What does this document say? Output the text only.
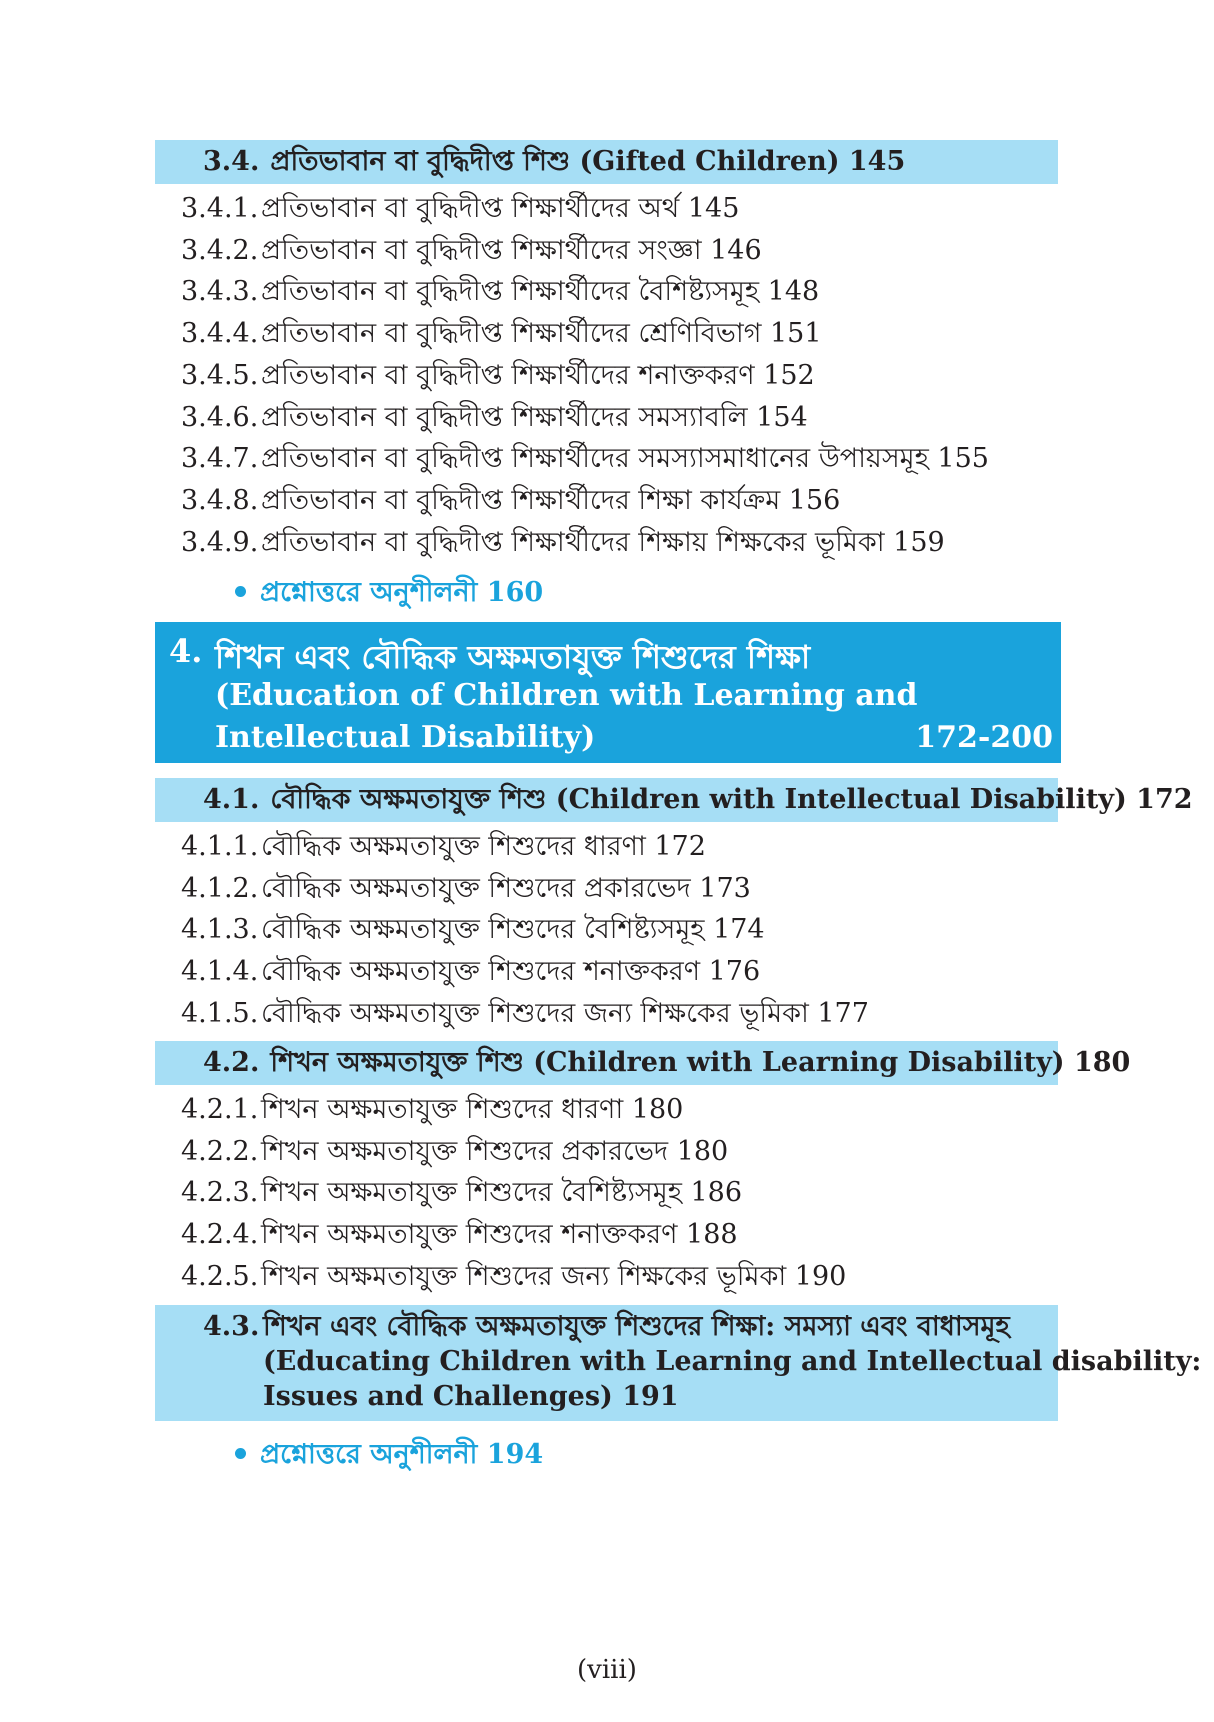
3.4. প্রতিভাবান বা বুদ্ধিদীপ্ত শিশু (Gifted Children) 145
3.4.1. প্রতিভাবান বা বুদ্ধিদীপ্ত শিক্ষার্থীদের অর্থ 145
3.4.2. প্রতিভাবান বা বুদ্ধিদীপ্ত শিক্ষার্থীদের সংজ্ঞা 146
3.4.3. প্রতিভাবান বা বুদ্ধিদীপ্ত শিক্ষার্থীদের বৈশিষ্ট্যসমূহ 148
3.4.4. প্রতিভাবান বা বুদ্ধিদীপ্ত শিক্ষার্থীদের শ্রেণিবিভাগ 151
3.4.5. প্রতিভাবান বা বুদ্ধিদীপ্ত শিক্ষার্থীদের শনাক্তকরণ 152
3.4.6. প্রতিভাবান বা বুদ্ধিদীপ্ত শিক্ষার্থীদের সমস্যাবলি 154
3.4.7. প্রতিভাবান বা বুদ্ধিদীপ্ত শিক্ষার্থীদের সমস্যাসমাধানের উপায়সমূহ 155
3.4.8. প্রতিভাবান বা বুদ্ধিদীপ্ত শিক্ষার্থীদের শিক্ষা কার্যক্রম 156
3.4.9. প্রতিভাবান বা বুদ্ধিদীপ্ত শিক্ষার্থীদের শিক্ষায় শিক্ষকের ভূমিকা 159
প্রশ্নোত্তরে অনুশীলনী 160
4. শিখন এবং বৌদ্ধিক অক্ষমতাযুক্ত শিশুদের শিক্ষা
(Education of Children with Learning and
Intellectual Disability)	172-200
4.1. বৌদ্ধিক অক্ষমতাযুক্ত শিশু (Children with Intellectual Disability) 172
4.1.1. বৌদ্ধিক অক্ষমতাযুক্ত শিশুদের ধারণা 172
4.1.2. বৌদ্ধিক অক্ষমতাযুক্ত শিশুদের প্রকারভেদ 173
4.1.3. বৌদ্ধিক অক্ষমতাযুক্ত শিশুদের বৈশিষ্ট্যসমূহ 174
4.1.4. বৌদ্ধিক অক্ষমতাযুক্ত শিশুদের শনাক্তকরণ 176
4.1.5. বৌদ্ধিক অক্ষমতাযুক্ত শিশুদের জন্য শিক্ষকের ভূমিকা 177
4.2. শিখন অক্ষমতাযুক্ত শিশু (Children with Learning Disability) 180
4.2.1. শিখন অক্ষমতাযুক্ত শিশুদের ধারণা 180
4.2.2. শিখন অক্ষমতাযুক্ত শিশুদের প্রকারভেদ 180
4.2.3. শিখন অক্ষমতাযুক্ত শিশুদের বৈশিষ্ট্যসমূহ 186
4.2.4. শিখন অক্ষমতাযুক্ত শিশুদের শনাক্তকরণ 188
4.2.5. শিখন অক্ষমতাযুক্ত শিশুদের জন্য শিক্ষকের ভূমিকা 190
4.3. শিখন এবং বৌদ্ধিক অক্ষমতাযুক্ত শিশুদের শিক্ষা: সমস্যা এবং বাধাসমূহ
(Educating Children with Learning and Intellectual disability:
Issues and Challenges) 191
প্রশ্নোত্তরে অনুশীলনী 194
(viii)
